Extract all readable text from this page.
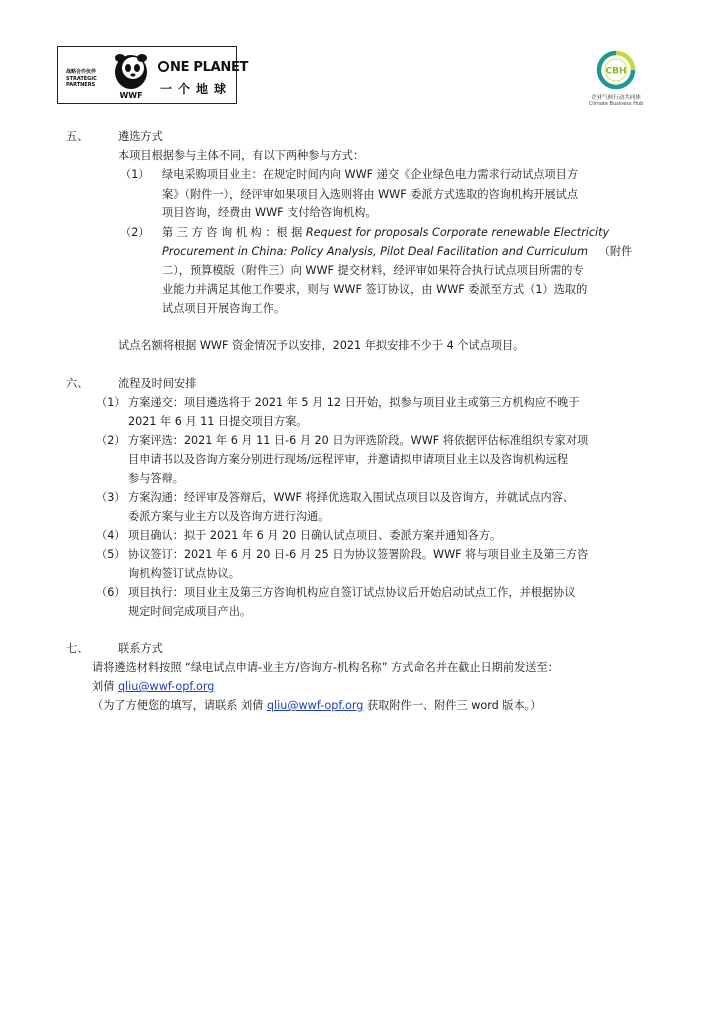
战略合作伙伴
STRATEGIC
PARTNERS
WWF
NE PLANET
一个地球
CBH
企业气候行动共同体
Climate Business Hub
五、	遴选方式
本项目根据参与主体不同，有以下两种参与方式：
（1） 绿电采购项目业主：在规定时间内向 WWF 递交《企业绿色电力需求行动试点项目方
案》（附件一），经评审如果项目入选则将由 WWF 委派方式选取的咨询机构开展试点
项目咨询，经费由 WWF 支付给咨询机构。
（2） 第 三 方 咨 询 机 构 ：根 据 Request for proposals Corporate renewable Electricity
Procurement in China: Policy Analysis, Pilot Deal Facilitation and Curriculum （附件
二），预算模版（附件三）向 WWF 提交材料，经评审如果符合执行试点项目所需的专
业能力并满足其他工作要求，则与 WWF 签订协议，由 WWF 委派至方式（1）选取的
试点项目开展咨询工作。
试点名额将根据 WWF 资金情况予以安排，2021 年拟安排不少于 4 个试点项目。
六、	流程及时间安排
（1） 方案递交：项目遴选将于 2021 年 5 月 12 日开始，拟参与项目业主或第三方机构应不晚于
2021 年 6 月 11 日提交项目方案。
（2） 方案评选：2021 年 6 月 11 日-6 月 20 日为评选阶段。WWF 将依据评估标准组织专家对项
目申请书以及咨询方案分别进行现场/远程评审，并邀请拟申请项目业主以及咨询机构远程
参与答辩。
（3） 方案沟通：经评审及答辩后，WWF 将择优选取入围试点项目以及咨询方，并就试点内容、
委派方案与业主方以及咨询方进行沟通。
（4） 项目确认：拟于 2021 年 6 月 20 日确认试点项目、委派方案并通知各方。
（5） 协议签订：2021 年 6 月 20 日-6 月 25 日为协议签署阶段。WWF 将与项目业主及第三方咨
询机构签订试点协议。
（6） 项目执行：项目业主及第三方咨询机构应自签订试点协议后开始启动试点工作，并根据协议
规定时间完成项目产出。
七、	联系方式
请将遴选材料按照 “绿电试点申请-业主方/咨询方-机构名称” 方式命名并在截止日期前发送至：
刘倩 qliu@wwf-opf.org
（为了方便您的填写，请联系 刘倩 qliu@wwf-opf.org 获取附件一、附件三 word 版本。）
